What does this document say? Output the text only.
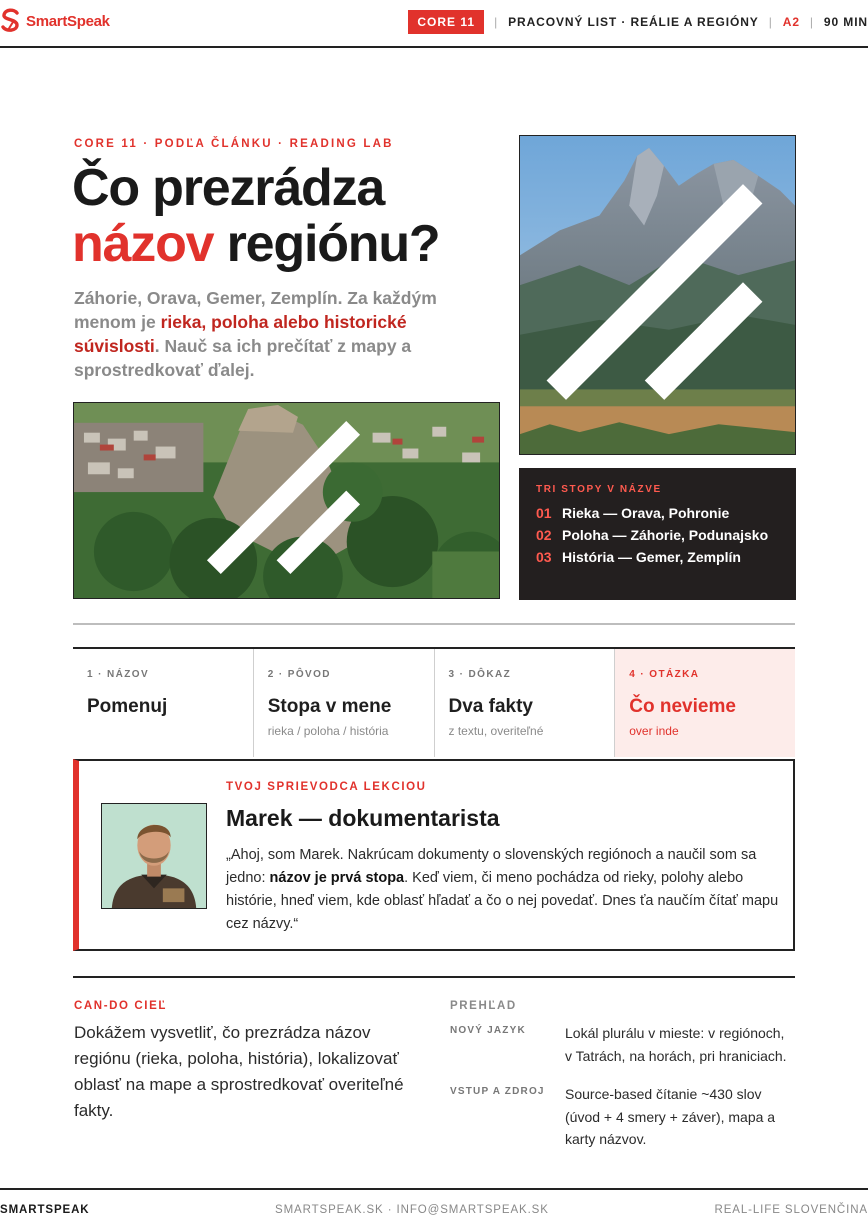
SmartSpeak	CORE 11	| PRACOVNÝ LIST · REÁLIE A REGIÓNY | A2 | 90 MIN
CORE 11 · PODĽA ČLÁNKU · READING LAB
Čo prezrádza
názov regiónu?
Záhorie, Orava, Gemer, Zemplín. Za každým menom je rieka, poloha alebo historické súvislosti. Nauč sa ich prečítať z mapy a sprostredkovať ďalej.
TRI STOPY V NÁZVE
01 Rieka — Orava, Pohronie
02 Poloha — Záhorie, Podunajsko
03 História — Gemer, Zemplín
1 · NÁZOV
Pomenuj
2 · PÔVOD
Stopa v mene
rieka / poloha / história
3 · DÔKAZ
Dva fakty
z textu, overiteľné
4 · OTÁZKA
Čo nevieme
over inde
TVOJ SPRIEVODCA LEKCIOU
Marek — dokumentarista
„Ahoj, som Marek. Nakrúcam dokumenty o slovenských regiónoch a naučil som sa jedno: názov je prvá stopa. Keď viem, či meno pochádza od rieky, polohy alebo histórie, hneď viem, kde oblasť hľadať a čo o nej povedať. Dnes ťa naučím čítať mapu cez názvy.“
CAN-DO CIEĽ
Dokážem vysvetliť, čo prezrádza názov regiónu (rieka, poloha, história), lokalizovať oblasť na mape a sprostredkovať overiteľné fakty.
PREHĽAD
NOVÝ JAZYK	Lokál plurálu v mieste: v regiónoch, v Tatrách, na horách, pri hraniciach.
VSTUP A ZDROJ	Source-based čítanie ~430 slov (úvod + 4 smery + záver), mapa a karty názvov.
SMARTSPEAK	SMARTSPEAK.SK · INFO@SMARTSPEAK.SK	REAL-LIFE SLOVENČINA
